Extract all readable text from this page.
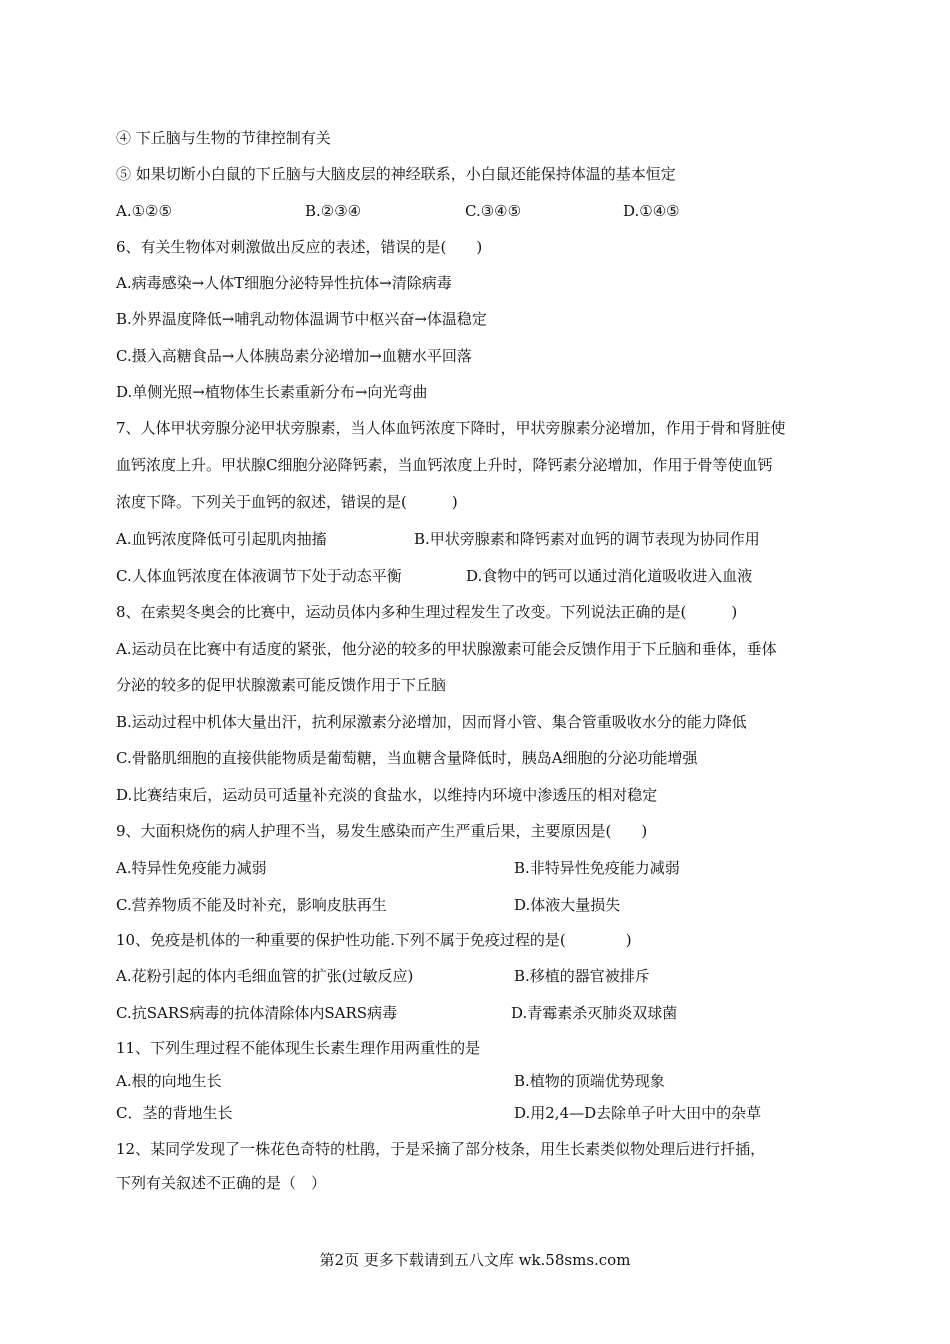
④ 下丘脑与生物的节律控制有关
⑤ 如果切断小白鼠的下丘脑与大脑皮层的神经联系，小白鼠还能保持体温的基本恒定
A.①②⑤	B.②③④	C.③④⑤	D.①④⑤
6、有关生物体对刺激做出反应的表述，错误的是(　　)
A.病毒感染→人体T细胞分泌特异性抗体→清除病毒
B.外界温度降低→哺乳动物体温调节中枢兴奋→体温稳定
C.摄入高糖食品→人体胰岛素分泌增加→血糖水平回落
D.单侧光照→植物体生长素重新分布→向光弯曲
7、人体甲状旁腺分泌甲状旁腺素，当人体血钙浓度下降时，甲状旁腺素分泌增加，作用于骨和肾脏使
血钙浓度上升。甲状腺C细胞分泌降钙素，当血钙浓度上升时，降钙素分泌增加，作用于骨等使血钙
浓度下降。下列关于血钙的叙述，错误的是(　　　)
A.血钙浓度降低可引起肌肉抽搐	B.甲状旁腺素和降钙素对血钙的调节表现为协同作用
C.人体血钙浓度在体液调节下处于动态平衡	D.食物中的钙可以通过消化道吸收进入血液
8、在索契冬奥会的比赛中，运动员体内多种生理过程发生了改变。下列说法正确的是(　　　)
A.运动员在比赛中有适度的紧张，他分泌的较多的甲状腺激素可能会反馈作用于下丘脑和垂体，垂体
分泌的较多的促甲状腺激素可能反馈作用于下丘脑
B.运动过程中机体大量出汗，抗利尿激素分泌增加，因而肾小管、集合管重吸收水分的能力降低
C.骨骼肌细胞的直接供能物质是葡萄糖，当血糖含量降低时，胰岛A细胞的分泌功能增强
D.比赛结束后，运动员可适量补充淡的食盐水，以维持内环境中渗透压的相对稳定
9、大面积烧伤的病人护理不当，易发生感染而产生严重后果，主要原因是(　　)
A.特异性免疫能力减弱	B.非特异性免疫能力减弱
C.营养物质不能及时补充，影响皮肤再生	D.体液大量损失
10、免疫是机体的一种重要的保护性功能.下列不属于免疫过程的是(　　　　)
A.花粉引起的体内毛细血管的扩张(过敏反应)	B.移植的器官被排斥
C.抗SARS病毒的抗体清除体内SARS病毒	D.青霉素杀灭肺炎双球菌
11、下列生理过程不能体现生长素生理作用两重性的是
A.根的向地生长	B.植物的顶端优势现象
C．茎的背地生长	D.用2,4—D去除单子叶大田中的杂草
12、某同学发现了一株花色奇特的杜鹃，于是采摘了部分枝条，用生长素类似物处理后进行扦插，
下列有关叙述不正确的是（　）
第2页 更多下载请到五八文库 wk.58sms.com
